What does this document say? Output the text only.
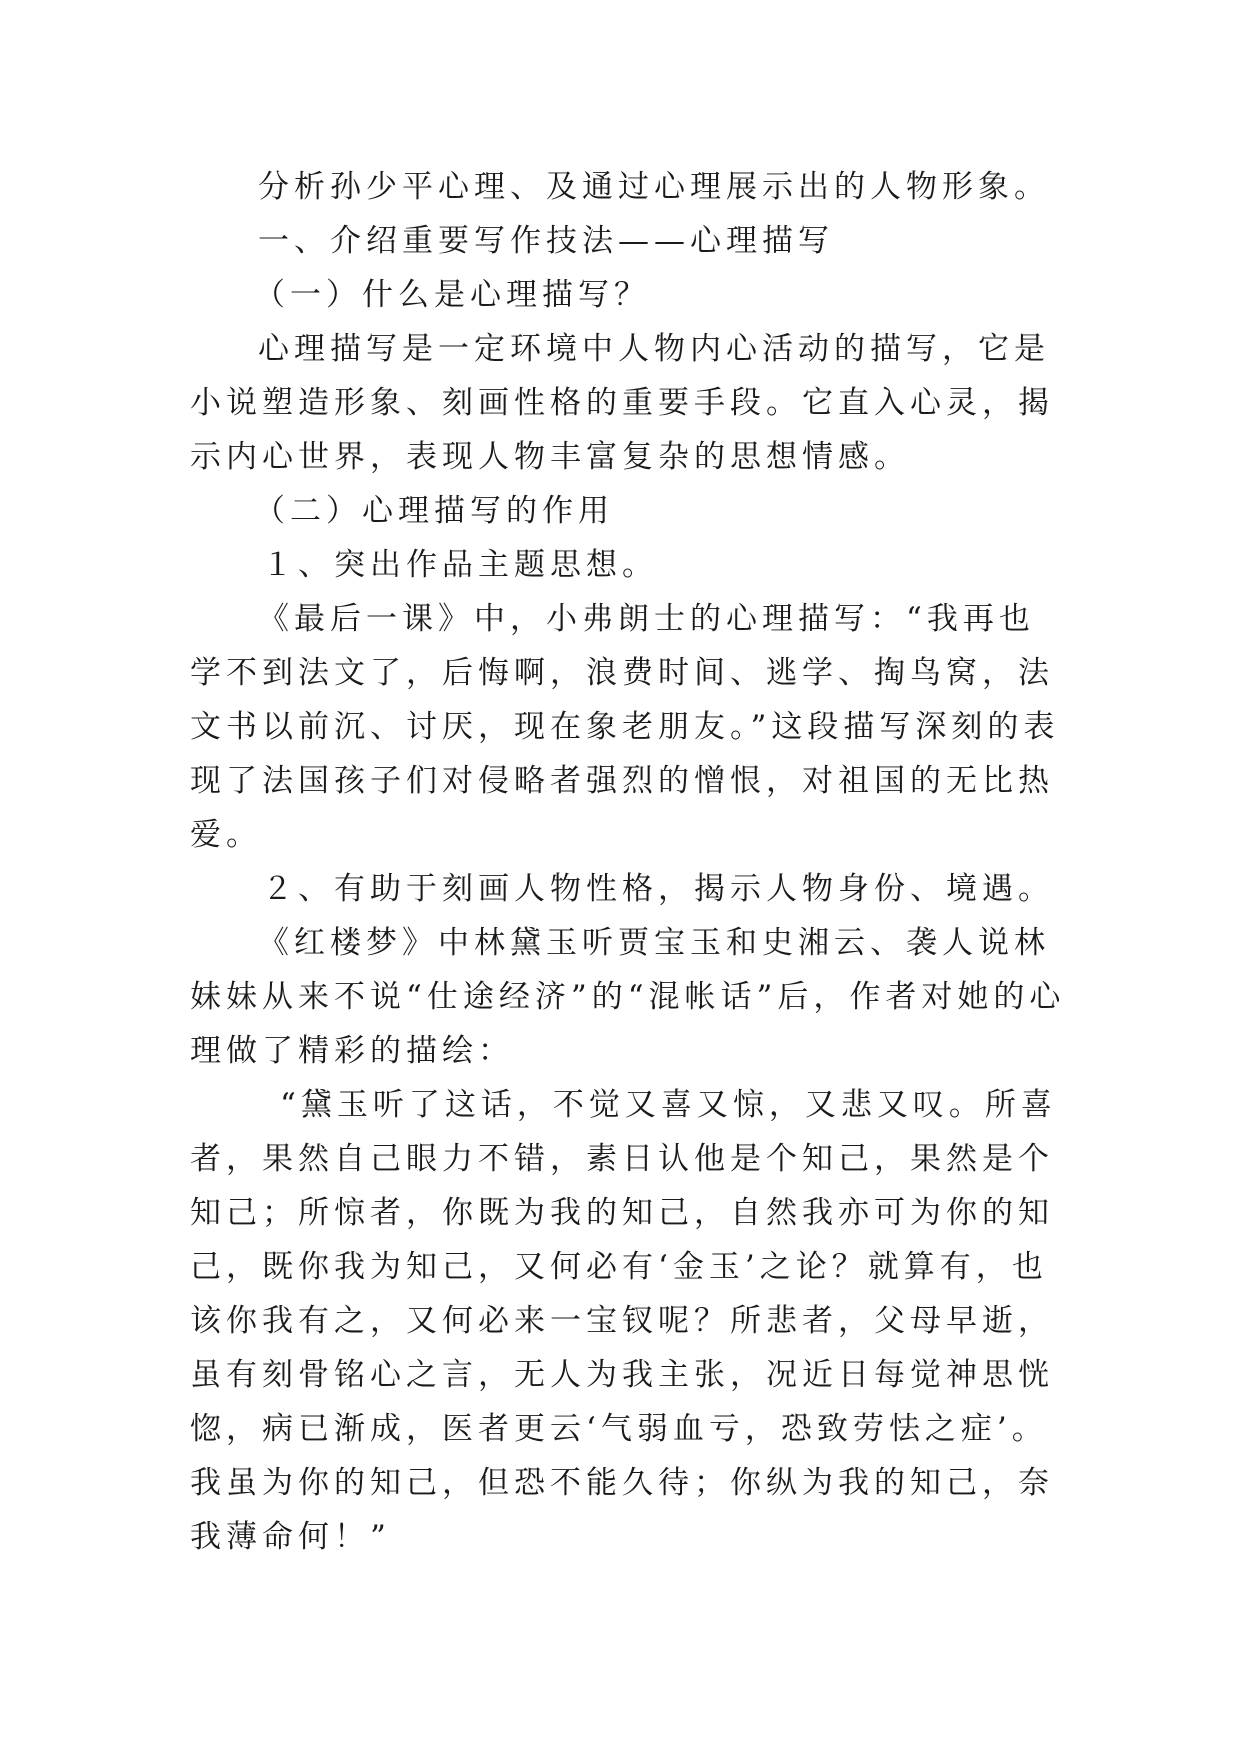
分析孙少平心理、及通过心理展示出的人物形象。

一、介绍重要写作技法——心理描写

（一）什么是心理描写？

心理描写是一定环境中人物内心活动的描写，它是小说塑造形象、刻画性格的重要手段。它直入心灵，揭示内心世界，表现人物丰富复杂的思想情感。

（二）心理描写的作用

１、突出作品主题思想。

《最后一课》中，小弗朗士的心理描写：“我再也学不到法文了，后悔啊，浪费时间、逃学、掏鸟窝，法文书以前沉、讨厌，现在象老朋友。”这段描写深刻的表现了法国孩子们对侵略者强烈的憎恨，对祖国的无比热爱。

２、有助于刻画人物性格，揭示人物身份、境遇。

《红楼梦》中林黛玉听贾宝玉和史湘云、袭人说林妹妹从来不说“仕途经济”的“混帐话”后，作者对她的心理做了精彩的描绘：

“黛玉听了这话，不觉又喜又惊，又悲又叹。所喜者，果然自己眼力不错，素日认他是个知己，果然是个知己；所惊者，你既为我的知己，自然我亦可为你的知己，既你我为知己，又何必有‘金玉’之论？就算有，也该你我有之，又何必来一宝钗呢？所悲者，父母早逝，虽有刻骨铭心之言，无人为我主张，况近日每觉神思恍惚，病已渐成，医者更云‘气弱血亏，恐致劳怯之症’。我虽为你的知己，但恐不能久待；你纵为我的知己，奈我薄命何！”
